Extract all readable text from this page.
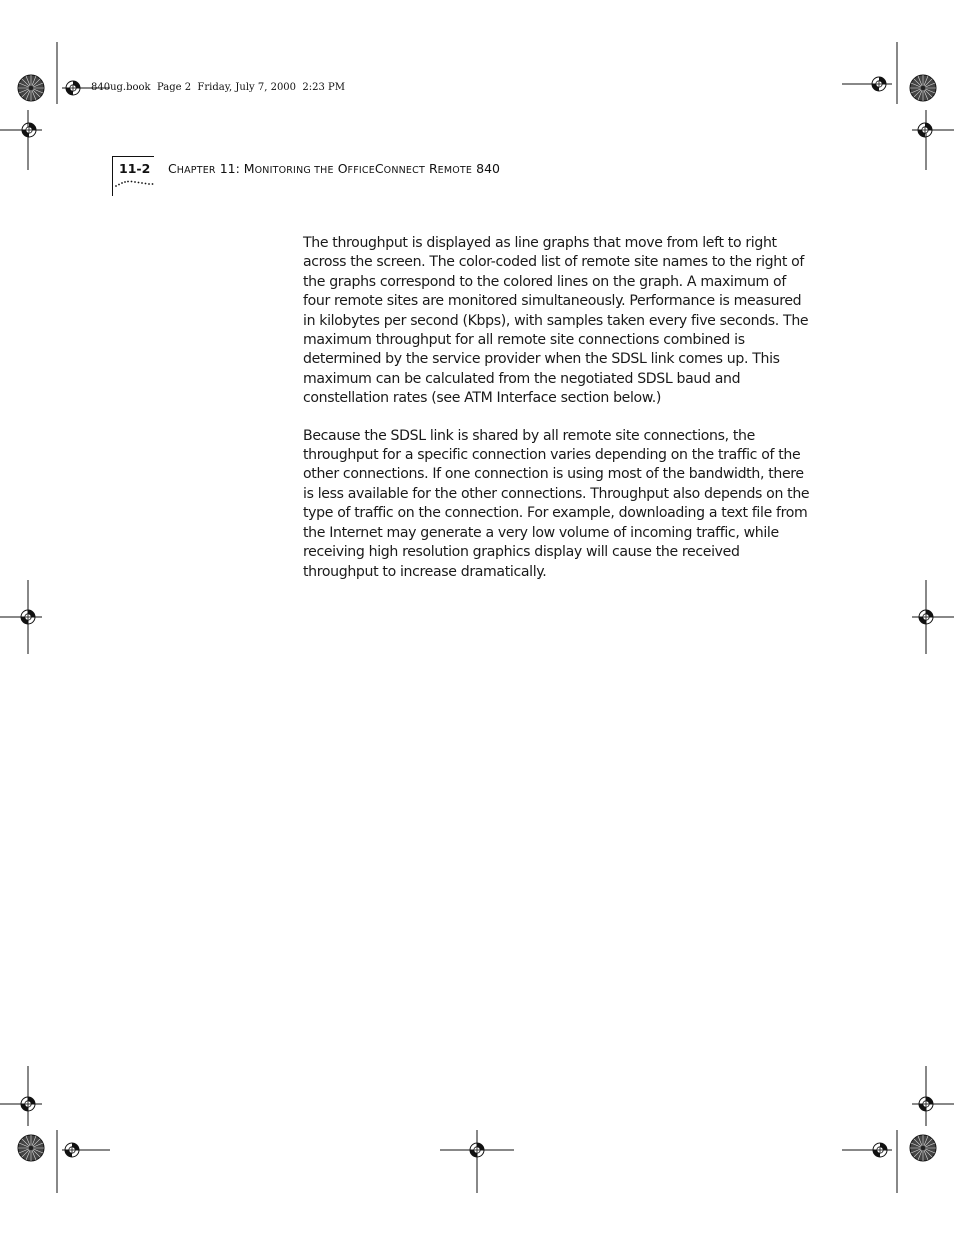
840ug.book  Page 2  Friday, July 7, 2000  2:23 PM
11-2 CHAPTER 11: MONITORING THE OFFICECONNECT REMOTE 840

The throughput is displayed as line graphs that move from left to right across the screen. The color-coded list of remote site names to the right of the graphs correspond to the colored lines on the graph. A maximum of four remote sites are monitored simultaneously. Performance is measured in kilobytes per second (Kbps), with samples taken every five seconds. The maximum throughput for all remote site connections combined is determined by the service provider when the SDSL link comes up. This maximum can be calculated from the negotiated SDSL baud and constellation rates (see ATM Interface section below.)

Because the SDSL link is shared by all remote site connections, the throughput for a specific connection varies depending on the traffic of the other connections. If one connection is using most of the bandwidth, there is less available for the other connections. Throughput also depends on the type of traffic on the connection. For example, downloading a text file from the Internet may generate a very low volume of incoming traffic, while receiving high resolution graphics display will cause the received throughput to increase dramatically.
